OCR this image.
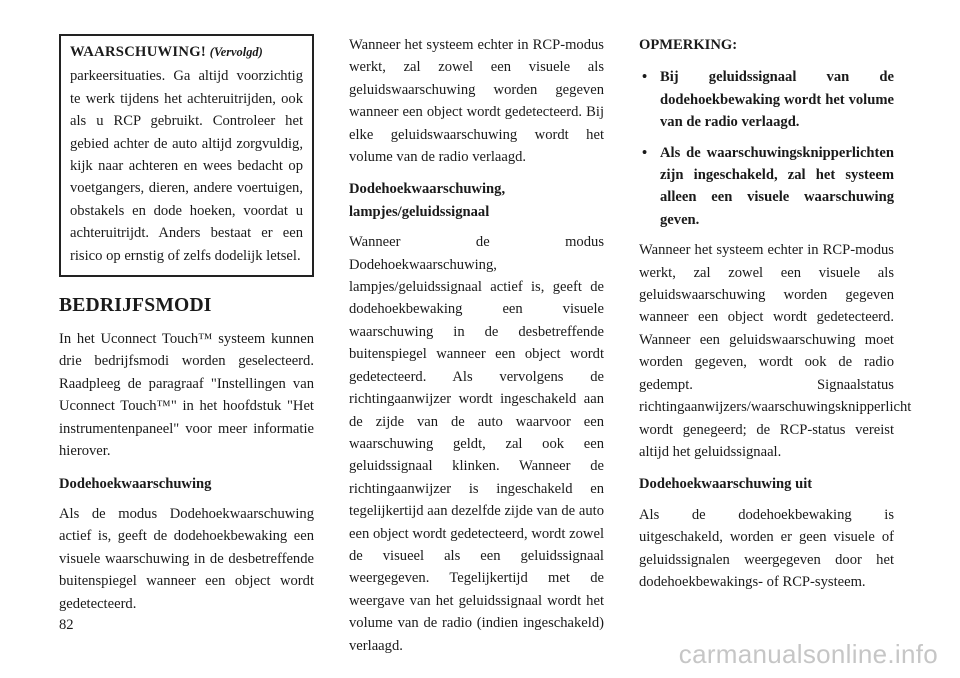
WAARSCHUWING! (Vervolgd)

parkeersituaties. Ga altijd voorzichtig te werk tijdens het achteruitrijden, ook als u RCP gebruikt. Controleer het gebied achter de auto altijd zorgvuldig, kijk naar achteren en wees bedacht op voetgangers, dieren, andere voertuigen, obstakels en dode hoeken, voordat u achteruitrijdt. Anders bestaat er een risico op ernstig of zelfs dodelijk letsel.

BEDRIJFSMODI

In het Uconnect Touch™ systeem kunnen drie bedrijfsmodi worden geselecteerd. Raadpleeg de paragraaf "Instellingen van Uconnect Touch™" in het hoofdstuk "Het instrumentenpaneel" voor meer informatie hierover.

Dodehoekwaarschuwing

Als de modus Dodehoekwaarschuwing actief is, geeft de dodehoekbewaking een visuele waarschuwing in de desbetreffende buitenspiegel wanneer een object wordt gedetecteerd.

Wanneer het systeem echter in RCP-modus werkt, zal zowel een visuele als geluidswaarschuwing worden gegeven wanneer een object wordt gedetecteerd. Bij elke geluidswaarschuwing wordt het volume van de radio verlaagd.

Dodehoekwaarschuwing, lampjes/geluidssignaal

Wanneer de modus Dodehoekwaarschuwing, lampjes/geluidssignaal actief is, geeft de dodehoekbewaking een visuele waarschuwing in de desbetreffende buitenspiegel wanneer een object wordt gedetecteerd. Als vervolgens de richtingaanwijzer wordt ingeschakeld aan de zijde van de auto waarvoor een waarschuwing geldt, zal ook een geluidssignaal klinken. Wanneer de richtingaanwijzer is ingeschakeld en tegelijkertijd aan dezelfde zijde van de auto een object wordt gedetecteerd, wordt zowel de visueel als een geluidssignaal weergegeven. Tegelijkertijd met de weergave van het geluidssignaal wordt het volume van de radio (indien ingeschakeld) verlaagd.

OPMERKING:

• Bij geluidssignaal van de dodehoekbewaking wordt het volume van de radio verlaagd.
• Als de waarschuwingsknipperlichten zijn ingeschakeld, zal het systeem alleen een visuele waarschuwing geven.

Wanneer het systeem echter in RCP-modus werkt, zal zowel een visuele als geluidswaarschuwing worden gegeven wanneer een object wordt gedetecteerd. Wanneer een geluidswaarschuwing moet worden gegeven, wordt ook de radio gedempt. Signaalstatus richtingaanwijzers/waarschuwingsknipperlicht wordt genegeerd; de RCP-status vereist altijd het geluidssignaal.

Dodehoekwaarschuwing uit

Als de dodehoekbewaking is uitgeschakeld, worden er geen visuele of geluidssignalen weergegeven door het dodehoekbewakings- of RCP-systeem.

82
carmanualsonline.info
